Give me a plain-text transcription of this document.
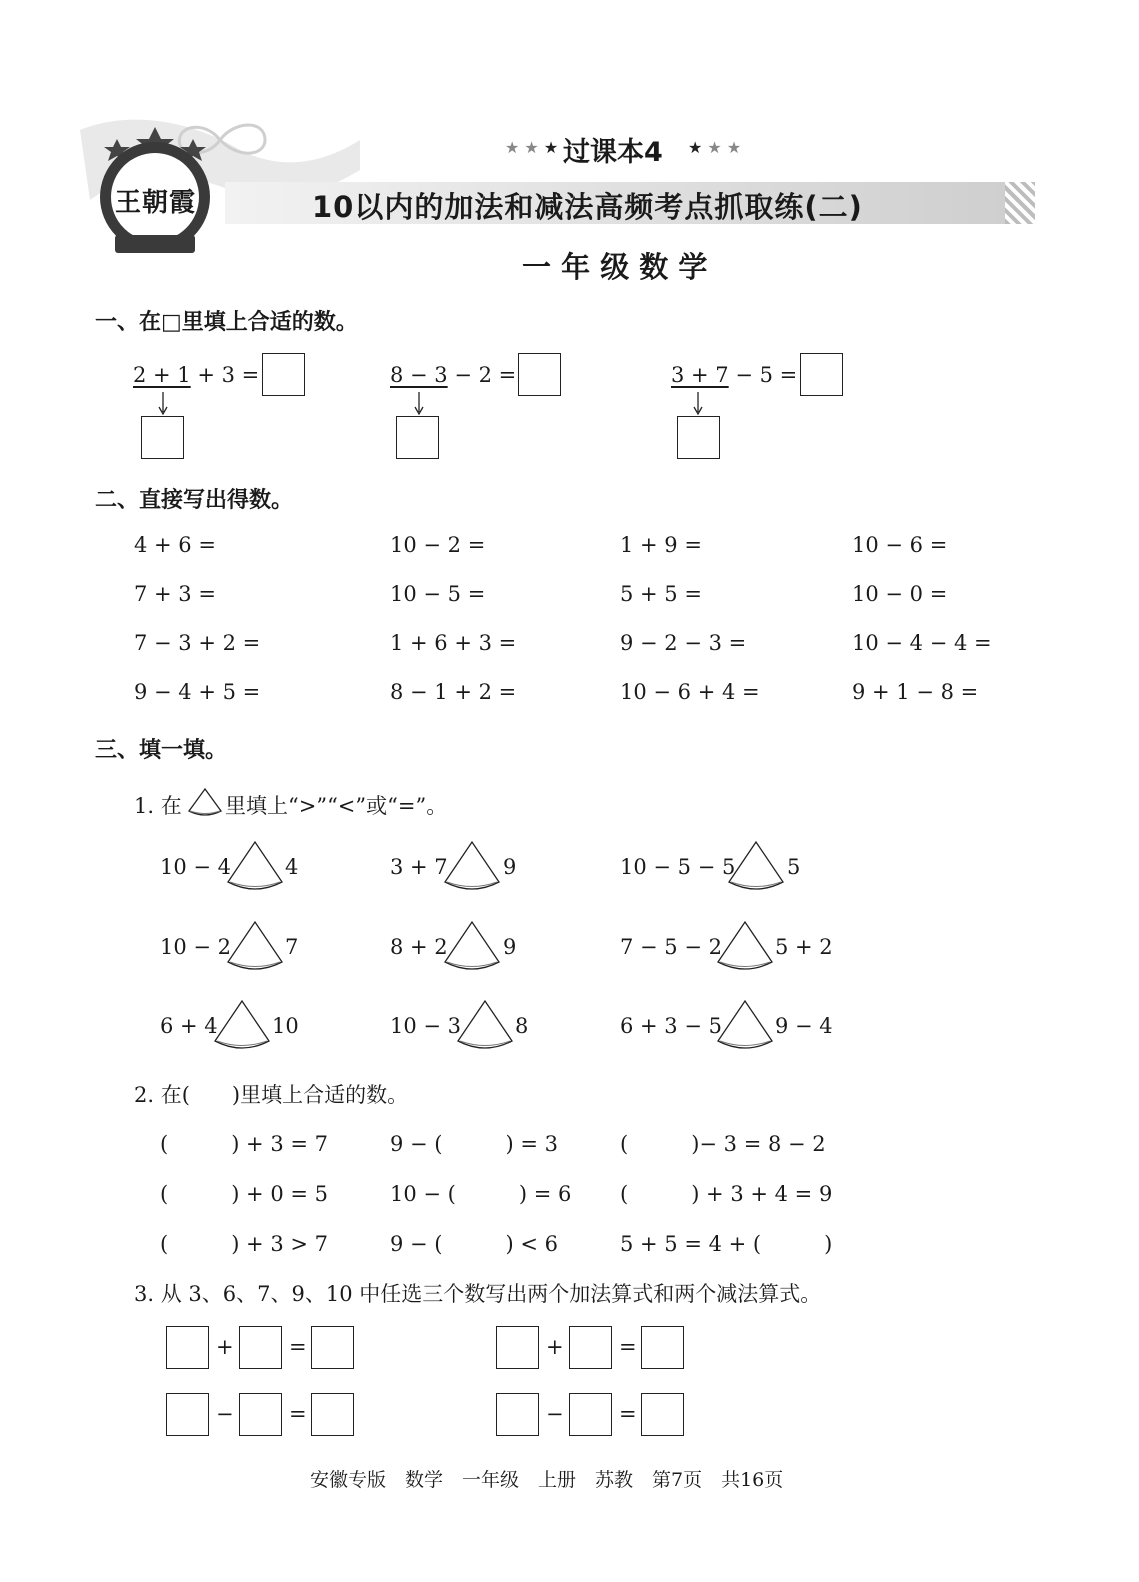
王朝霞
★ ★ ★ 过课本4 ★ ★ ★
10以内的加法和减法高频考点抓取练(二)
一 年 级 数 学
一、在□里填上合适的数。
2 + 1 + 3 =	8 − 3 − 2 =	3 + 7 − 5 =
二、直接写出得数。
4 + 6 =	10 − 2 =	1 + 9 =	10 − 6 =
7 + 3 =	10 − 5 =	5 + 5 =	10 − 0 =
7 − 3 + 2 =	1 + 6 + 3 =	9 − 2 − 3 =	10 − 4 − 4 =
9 − 4 + 5 =	8 − 1 + 2 =	10 − 6 + 4 =	9 + 1 − 8 =
三、填一填。
1. 在 里填上“>”“<”或“=”。
10 − 4	4	3 + 7	9	10 − 5 − 5 5
10 − 2	7	8 + 2	9	7 − 5 − 2	5 + 2
6 + 4	10	10 − 3	8	6 + 3 − 5	9 − 4
2. 在(　　)里填上合适的数。
(　　　) + 3 = 7	9 − (　　　) = 3	(　　　)− 3 = 8 − 2
(　　　) + 0 = 5	10 − (　　　) = 6 (　　　) + 3 + 4 = 9
(　　　) + 3 > 7	9 − (　　　) < 6	5 + 5 = 4 + (　　　)
3. 从 3、6、7、9、10 中任选三个数写出两个加法算式和两个减法算式。
+	=	+	=
−	=	−	=
安徽专版　数学　一年级　上册　苏教　第7页　共16页
